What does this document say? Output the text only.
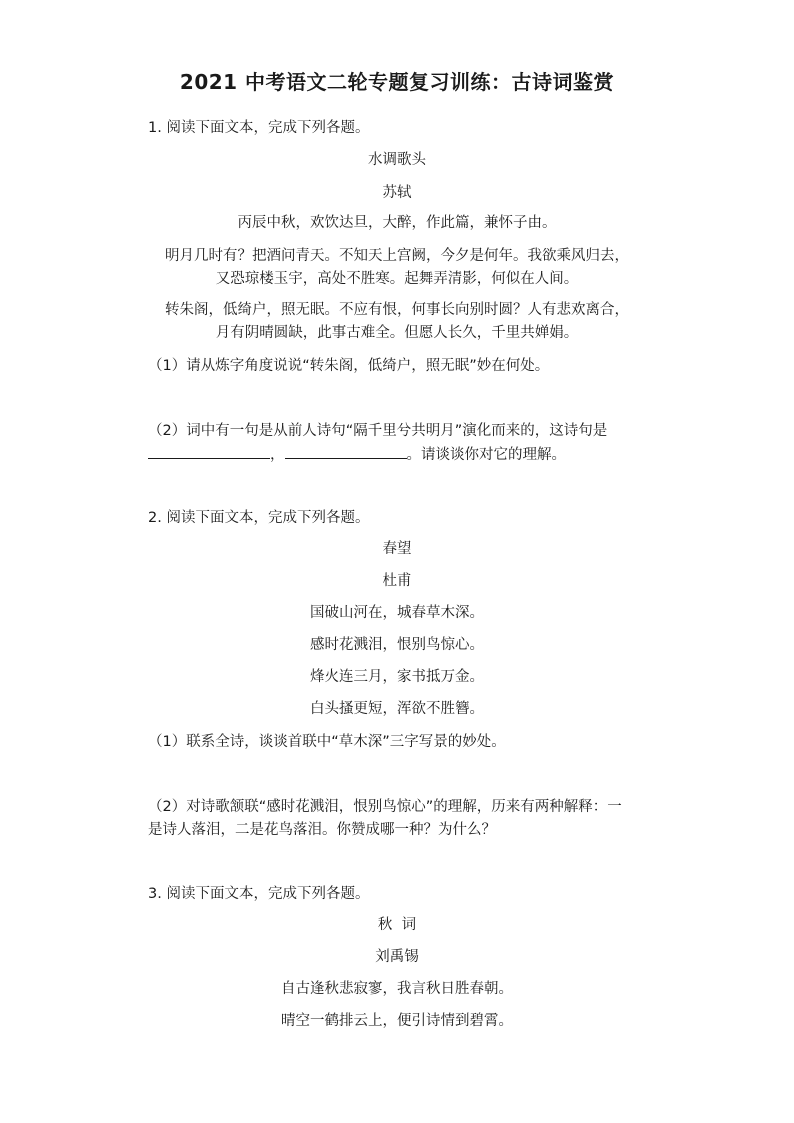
2021 中考语文二轮专题复习训练：古诗词鉴赏
1. 阅读下面文本，完成下列各题。
水调歌头
苏轼
丙辰中秋，欢饮达旦，大醉，作此篇，兼怀子由。
明月几时有？把酒问青天。不知天上宫阙，今夕是何年。我欲乘风归去，
又恐琼楼玉宇，高处不胜寒。起舞弄清影，何似在人间。
转朱阁，低绮户，照无眠。不应有恨，何事长向别时圆？人有悲欢离合，
月有阴晴圆缺，此事古难全。但愿人长久，千里共婵娟。
（1）请从炼字角度说说“转朱阁，低绮户，照无眠”妙在何处。
（2）词中有一句是从前人诗句“隔千里兮共明月”演化而来的，这诗句是
，	。请谈谈你对它的理解。
2. 阅读下面文本，完成下列各题。
春望
杜甫
国破山河在，城春草木深。
感时花溅泪，恨别鸟惊心。
烽火连三月，家书抵万金。
白头搔更短，浑欲不胜簪。
（1）联系全诗，谈谈首联中“草木深”三字写景的妙处。
（2）对诗歌颔联“感时花溅泪，恨别鸟惊心”的理解，历来有两种解释：一
是诗人落泪，二是花鸟落泪。你赞成哪一种？为什么？
3. 阅读下面文本，完成下列各题。
秋  词
刘禹锡
自古逢秋悲寂寥，我言秋日胜春朝。
晴空一鹤排云上，便引诗情到碧霄。
